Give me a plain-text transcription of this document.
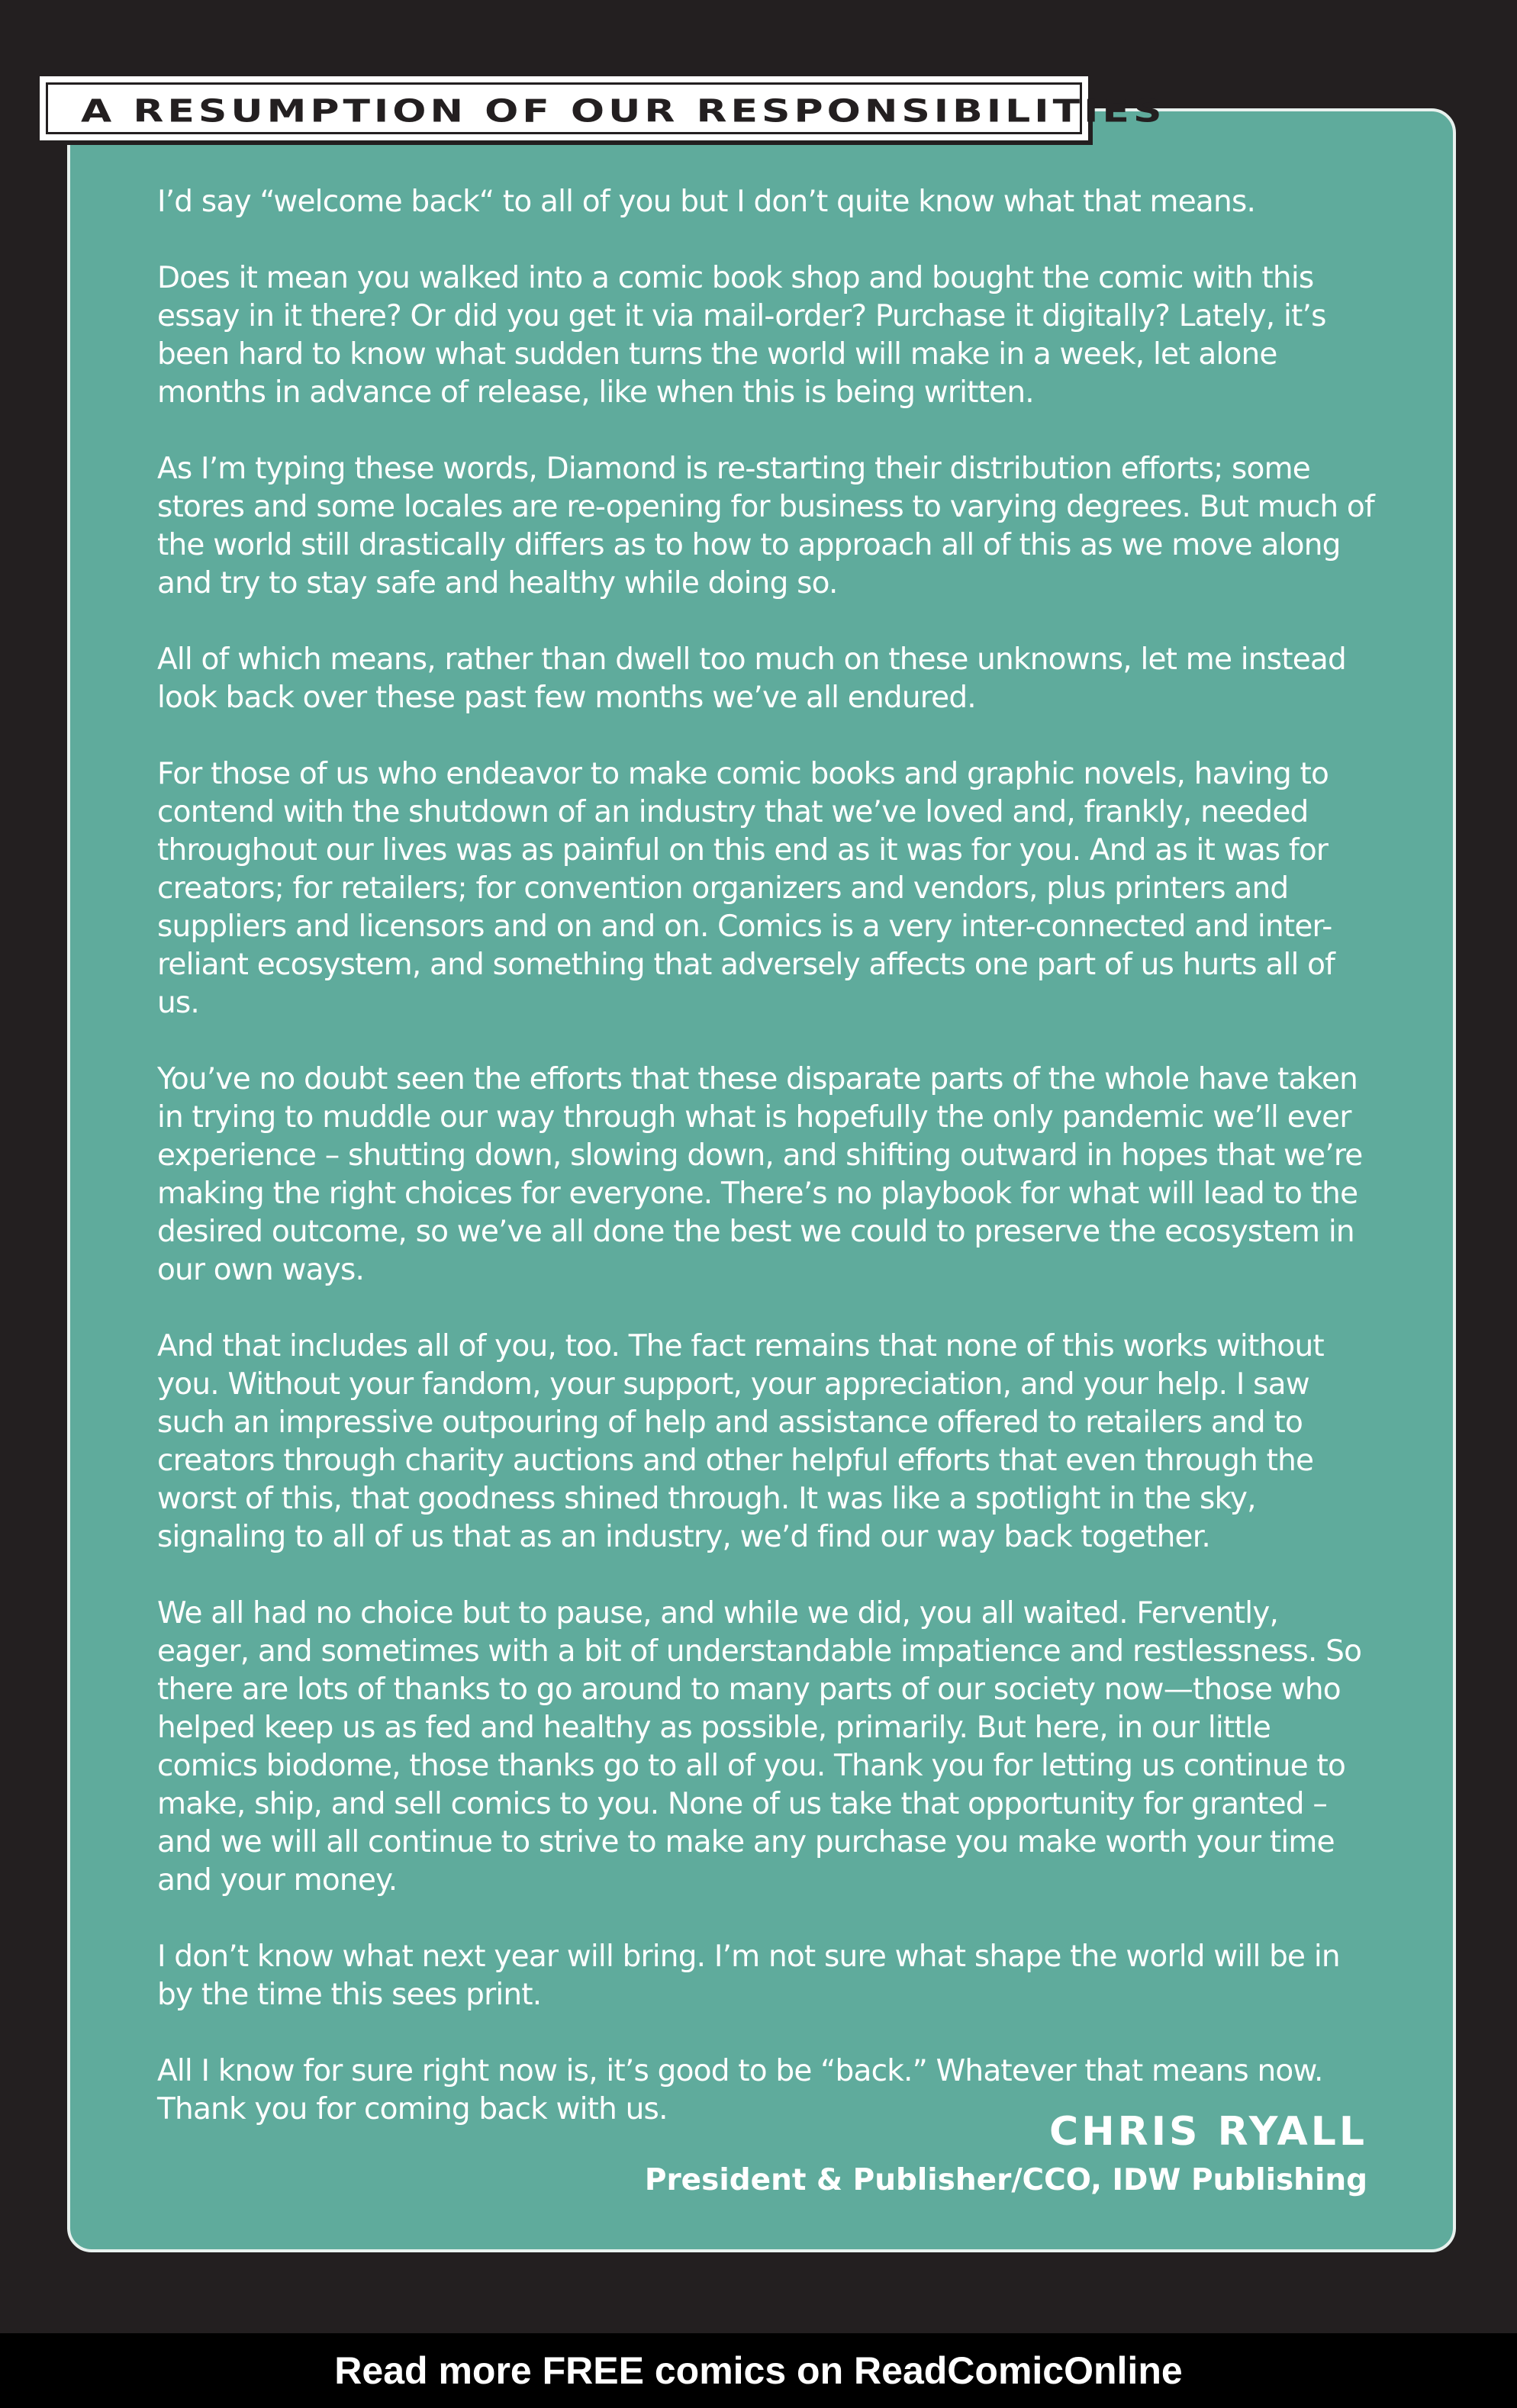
A RESUMPTION OF OUR RESPONSIBILITIES

I’d say “welcome back“ to all of you but I don’t quite know what that means.

Does it mean you walked into a comic book shop and bought the comic with this essay in it there? Or did you get it via mail-order? Purchase it digitally? Lately, it’s been hard to know what sudden turns the world will make in a week, let alone months in advance of release, like when this is being written.

As I’m typing these words, Diamond is re-starting their distribution efforts; some stores and some locales are re-opening for business to varying degrees. But much of the world still drastically differs as to how to approach all of this as we move along and try to stay safe and healthy while doing so.

All of which means, rather than dwell too much on these unknowns, let me instead look back over these past few months we’ve all endured.

For those of us who endeavor to make comic books and graphic novels, having to contend with the shutdown of an industry that we’ve loved and, frankly, needed throughout our lives was as painful on this end as it was for you. And as it was for creators; for retailers; for convention organizers and vendors, plus printers and suppliers and licensors and on and on. Comics is a very inter-connected and inter-reliant ecosystem, and something that adversely affects one part of us hurts all of us.

You’ve no doubt seen the efforts that these disparate parts of the whole have taken in trying to muddle our way through what is hopefully the only pandemic we’ll ever experience – shutting down, slowing down, and shifting outward in hopes that we’re making the right choices for everyone. There’s no playbook for what will lead to the desired outcome, so we’ve all done the best we could to preserve the ecosystem in our own ways.

And that includes all of you, too. The fact remains that none of this works without you. Without your fandom, your support, your appreciation, and your help. I saw such an impressive outpouring of help and assistance offered to retailers and to creators through charity auctions and other helpful efforts that even through the worst of this, that goodness shined through. It was like a spotlight in the sky, signaling to all of us that as an industry, we’d find our way back together.

We all had no choice but to pause, and while we did, you all waited. Fervently, eager, and sometimes with a bit of understandable impatience and restlessness. So there are lots of thanks to go around to many parts of our society now—those who helped keep us as fed and healthy as possible, primarily. But here, in our little comics biodome, those thanks go to all of you. Thank you for letting us continue to make, ship, and sell comics to you. None of us take that opportunity for granted – and we will all continue to strive to make any purchase you make worth your time and your money.

I don’t know what next year will bring. I’m not sure what shape the world will be in by the time this sees print.

All I know for sure right now is, it’s good to be “back.” Whatever that means now. Thank you for coming back with us.	CHRIS RYALL
President & Publisher/CCO, IDW Publishing
Read more FREE comics on ReadComicOnline
